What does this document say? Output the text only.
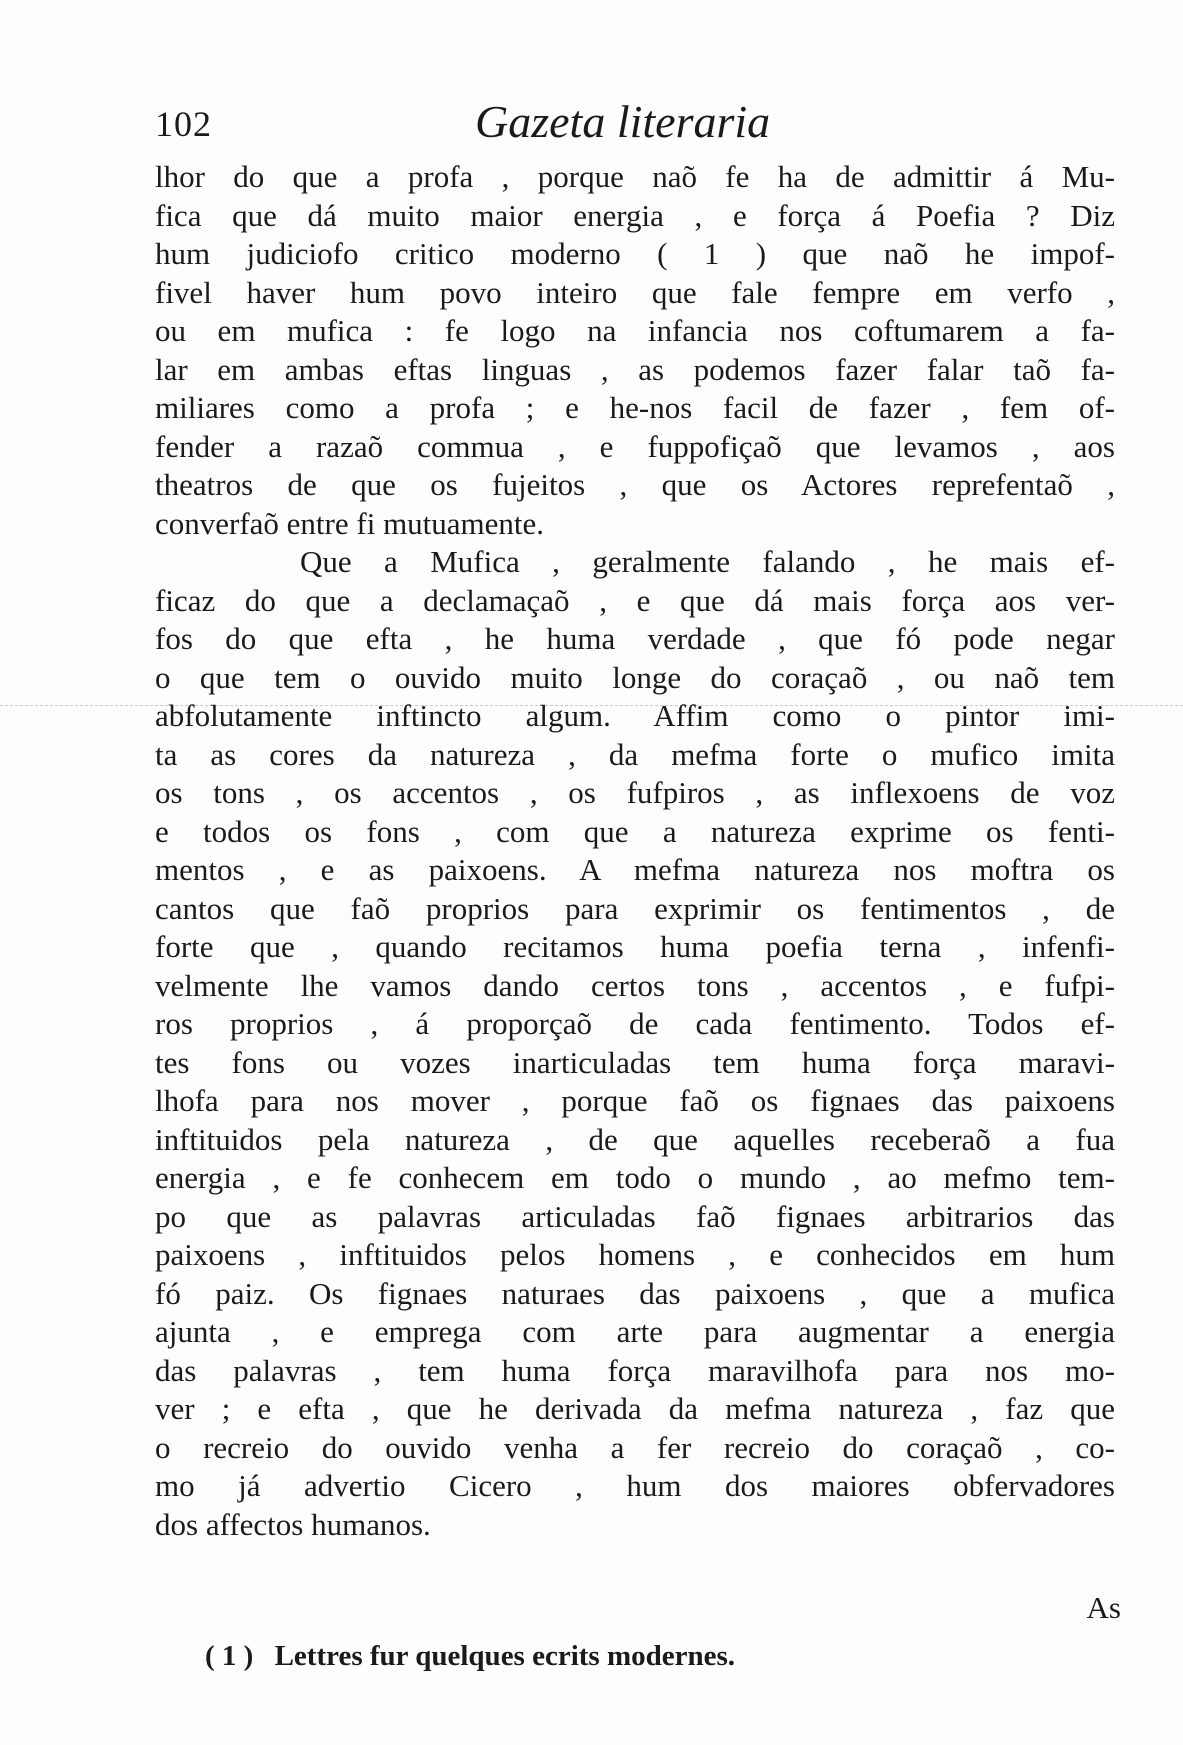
102	Gazeta literaria
lhor do que a profa , porque naõ fe ha de admittir á Mu-
fica que dá muito maior energia , e força á Poefia ? Diz
hum judiciofo critico moderno ( 1 ) que naõ he impof-
fivel haver hum povo inteiro que fale fempre em verfo ,
ou em mufica : fe logo na infancia nos coftumarem a fa-
lar em ambas eftas linguas , as podemos fazer falar taõ fa-
miliares como a profa ; e he-nos facil de fazer , fem of-
fender a razaõ commua , e fuppofiçaõ que levamos , aos
theatros de que os fujeitos , que os Actores reprefentaõ ,
converfaõ entre fi mutuamente.
Que a Mufica , geralmente falando , he mais ef-
ficaz do que a declamaçaõ , e que dá mais força aos ver-
fos do que efta , he huma verdade , que fó pode negar
o que tem o ouvido muito longe do coraçaõ , ou naõ tem
abfolutamente inftincto algum. Affim como o pintor imi-
ta as cores da natureza , da mefma forte o mufico imita
os tons , os accentos , os fufpiros , as inflexoens de voz
e todos os fons , com que a natureza exprime os fenti-
mentos , e as paixoens. A mefma natureza nos moftra os
cantos que faõ proprios para exprimir os fentimentos , de
forte que , quando recitamos huma poefia terna , infenfi-
velmente lhe vamos dando certos tons , accentos , e fufpi-
ros proprios , á proporçaõ de cada fentimento. Todos ef-
tes fons ou vozes inarticuladas tem huma força maravi-
lhofa para nos mover , porque faõ os fignaes das paixoens
inftituidos pela natureza , de que aquelles receberaõ a fua
energia , e fe conhecem em todo o mundo , ao mefmo tem-
po que as palavras articuladas faõ fignaes arbitrarios das
paixoens , inftituidos pelos homens , e conhecidos em hum
fó paiz. Os fignaes naturaes das paixoens , que a mufica
ajunta , e emprega com arte para augmentar a energia
das palavras , tem huma força maravilhofa para nos mo-
ver ; e efta , que he derivada da mefma natureza , faz que
o recreio do ouvido venha a fer recreio do coraçaõ , co-
mo já advertio Cicero , hum dos maiores obfervadores
dos affectos humanos.
As
( 1 ) Lettres fur quelques ecrits modernes.
